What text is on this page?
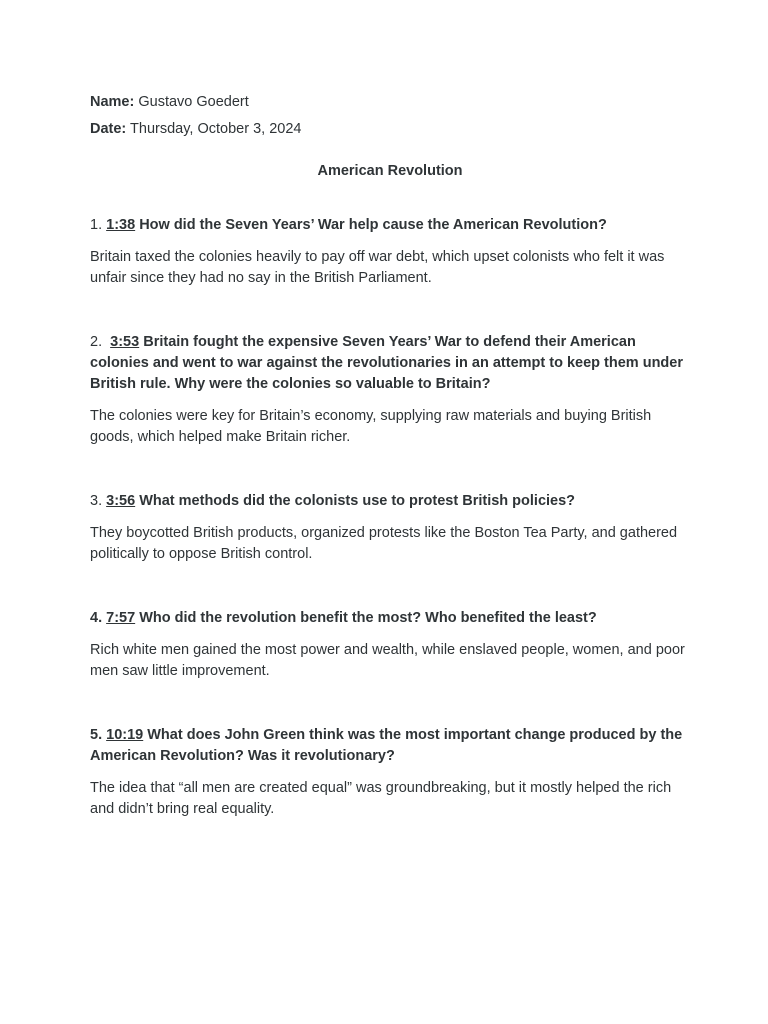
Name: Gustavo Goedert

Date: Thursday, October 3, 2024

American Revolution

1. 1:38 How did the Seven Years’ War help cause the American Revolution?

Britain taxed the colonies heavily to pay off war debt, which upset colonists who felt it was unfair since they had no say in the British Parliament.

2. 3:53 Britain fought the expensive Seven Years’ War to defend their American colonies and went to war against the revolutionaries in an attempt to keep them under British rule. Why were the colonies so valuable to Britain?

The colonies were key for Britain’s economy, supplying raw materials and buying British goods, which helped make Britain richer.

3. 3:56 What methods did the colonists use to protest British policies?

They boycotted British products, organized protests like the Boston Tea Party, and gathered politically to oppose British control.

4. 7:57 Who did the revolution benefit the most? Who benefited the least?

Rich white men gained the most power and wealth, while enslaved people, women, and poor men saw little improvement.

5. 10:19 What does John Green think was the most important change produced by the American Revolution? Was it revolutionary?

The idea that “all men are created equal” was groundbreaking, but it mostly helped the rich and didn’t bring real equality.
